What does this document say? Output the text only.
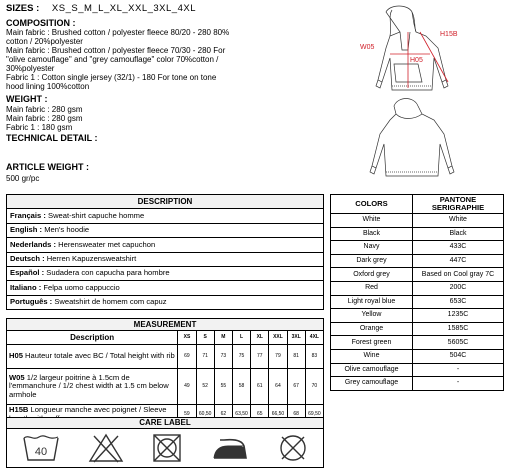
SIZES : XS_S_M_L_XL_XXL_3XL_4XL
COMPOSITION :
Main fabric : Brushed cotton / polyester fleece 80/20 - 280 80%
cotton / 20%polyester
Main fabric : Brushed cotton / polyester fleece 70/30 - 280 For
"olive camouflage" and "grey camouflage" color 70%cotton /
30%polyester
Fabric 1 : Cotton single jersey (32/1) - 180 For tone on tone
hood lining 100%cotton
WEIGHT :
Main fabric : 280 gsm
Main fabric : 280 gsm
Fabric 1 : 180 gsm
TECHNICAL DETAIL :
ARTICLE WEIGHT :
500 gr/pc
W05
H15B
H05
DESCRIPTION
Français : Sweat-shirt capuche homme
English : Men's hoodie
Nederlands : Herensweater met capuchon
Deutsch : Herren Kapuzensweatshirt
Español : Sudadera con capucha para hombre
Italiano : Felpa uomo cappuccio
Português : Sweatshirt de homem com capuz
COLORS	PANTONE SERIGRAPHIE
White	White
Black	Black
Navy	433C
Dark grey	447C
Oxford grey	Based on Cool gray 7C
Red	200C
Light royal blue	653C
Yellow	1235C
Orange	1585C
Forest green	5605C
Wine	504C
Olive camouflage	-
Grey camouflage	-
MEASUREMENT								
Description	XS	S	M	L	XL	XXL	3XL	4XL
H05 Hauteur totale avec BC / Total height with rib	69	71	73	75	77	79	81	83
W05 1/2 largeur poitrine à 1.5cm de l'emmanchure / 1/2 chest width at 1.5 cm below armhole	49	52	55	58	61	64	67	70
H15B Longueur manche avec poignet / Sleeve	59	60,50	62	63,50	65	66,50	68	69,50
CARE LABEL
40
